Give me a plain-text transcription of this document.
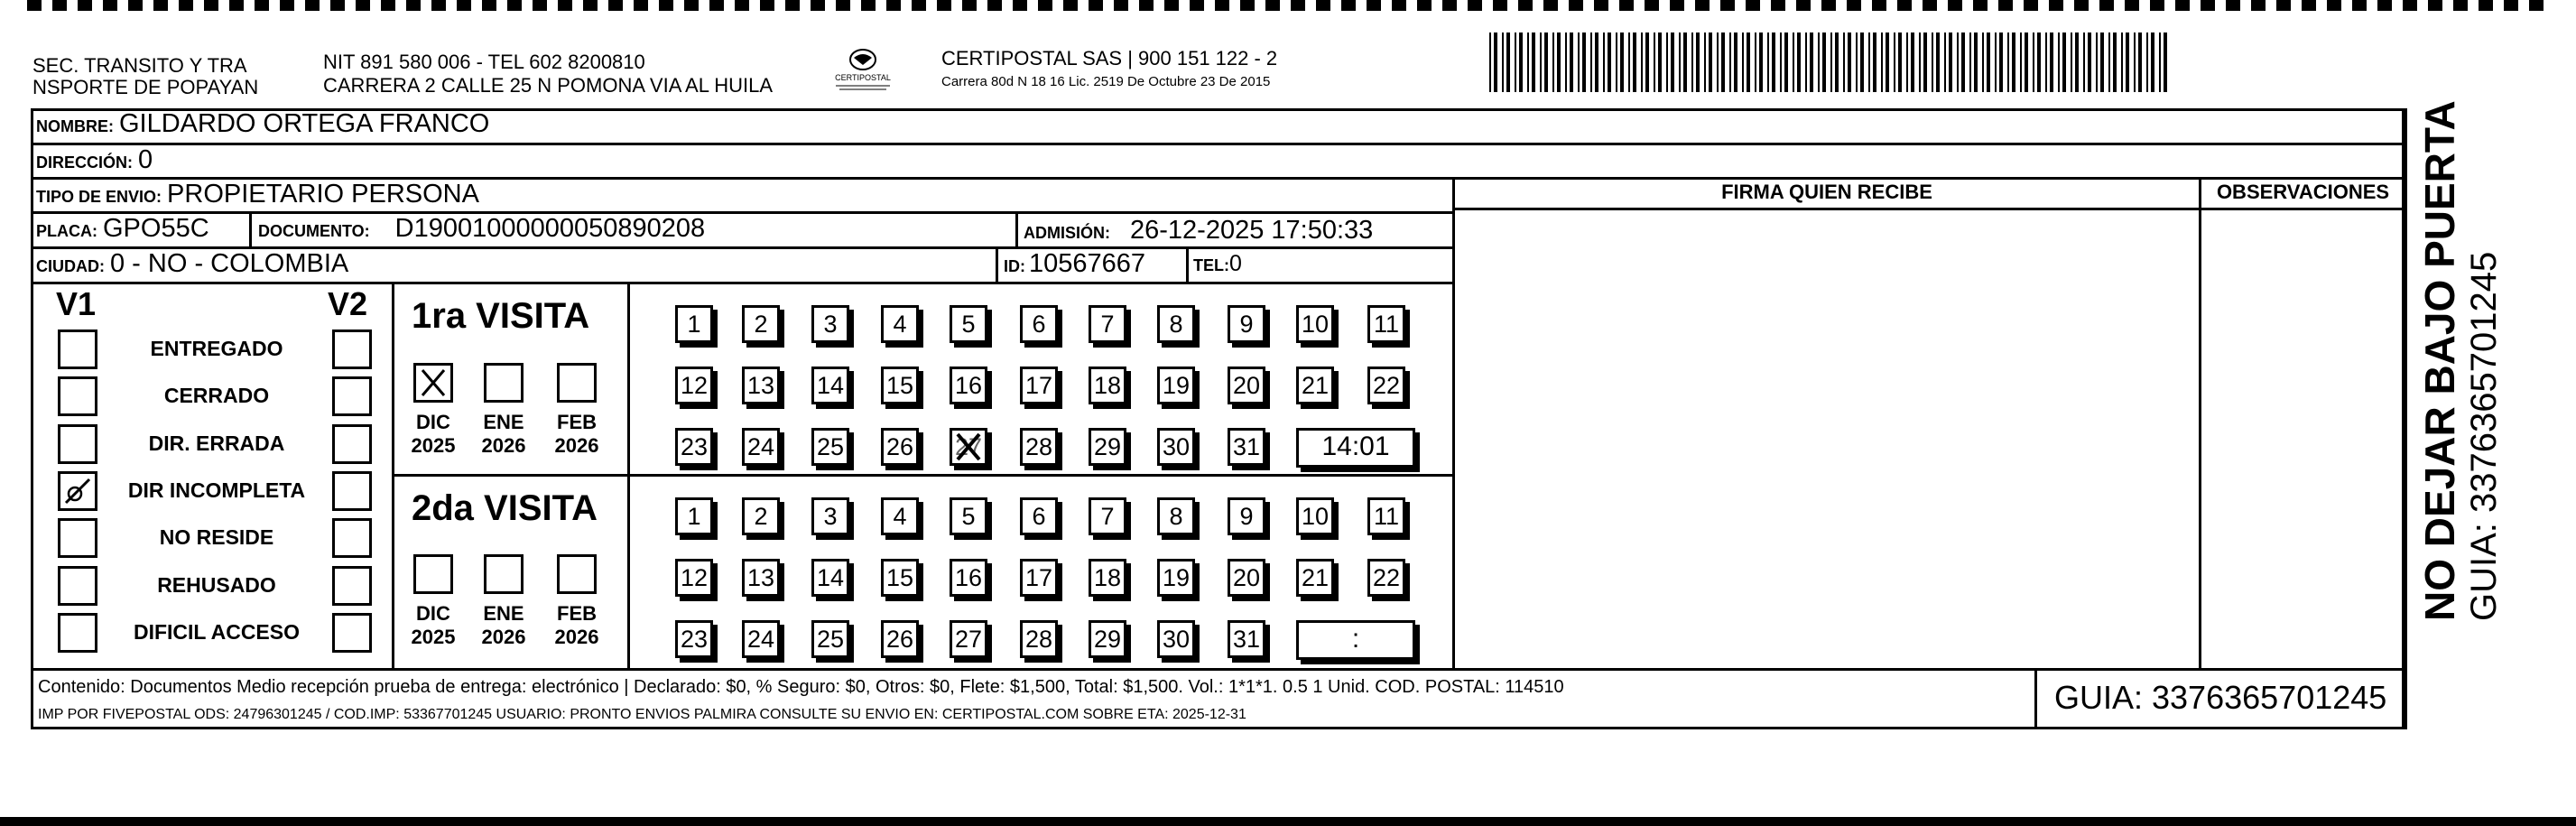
SEC. TRANSITO Y TRA
NSPORTE DE POPAYAN
NIT 891 580 006 - TEL 602 8200810
CARRERA 2 CALLE 25 N POMONA VIA AL HUILA	CERTIPOSTAL
CERTIPOSTAL SAS | 900 151 122 - 2
Carrera 80d N 18 16 Lic. 2519 De Octubre 23 De 2015
NOMBRE: GILDARDO ORTEGA FRANCO
DIRECCIÓN: 0
TIPO DE ENVIO: PROPIETARIO PERSONA
PLACA: GPO55C	DOCUMENTO: D19001000000050890208	ADMISIÓN: 26-12-2025 17:50:33
CIUDAD: 0 - NO - COLOMBIA	ID: 10567667	TEL: 0
FIRMA QUIEN RECIBE	OBSERVACIONES
V1	V2
ENTREGADO
CERRADO
DIR. ERRADA
DIR INCOMPLETA
NO RESIDE
REHUSADO
DIFICIL ACCESO
1ra VISITA
2da VISITA
DIC
2025
ENE
2026
FEB
2026
1	2	3	4	5	6	7	8	9	10 11
12 13 14 15 16 17 18 19 20 21 22
23 24 25 26 27 28 29 30 31	14:01
DIC
2025
ENE
2026
FEB
2026
1	2	3	4	5	6	7	8	9	10 11
12 13 14 15 16 17 18 19 20 21 22
23 24 25 26 27 28 29 30 31	:
Contenido: Documentos Medio recepción prueba de entrega: electrónico | Declarado: $0, % Seguro: $0, Otros: $0, Flete: $1,500, Total: $1,500. Vol.: 1*1*1. 0.5 1 Unid. COD. POSTAL: 114510
IMP POR FIVEPOSTAL ODS: 24796301245 / COD.IMP: 53367701245 USUARIO: PRONTO ENVIOS PALMIRA CONSULTE SU ENVIO EN: CERTIPOSTAL.COM SOBRE ETA: 2025-12-31	GUIA: 3376365701245
NO DEJAR BAJO PUERTA GUIA: 3376365701245
